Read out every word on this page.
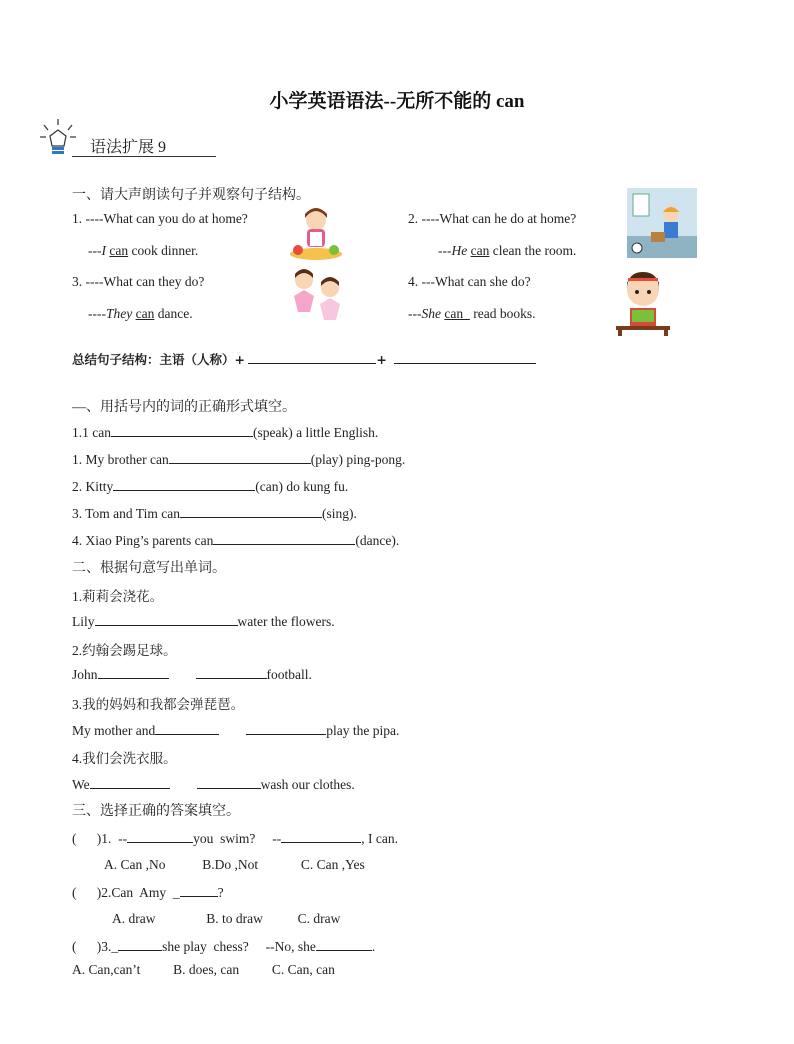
小学英语语法--无所不能的 can
语法扩展 9
一、请大声朗读句子并观察句子结构。
1. ----What can you do at home?
---I can cook dinner.
2. ----What can he do at home?
---He can clean the room.
3. ----What can they do?
----They can dance.
4. ---What can she do?
---She can   read books.
总结句子结构：主语（人称）+	+
—、用括号内的词的正确形式填空。
1.1 can	(speak) a little English.
1. My brother can	(play) ping-pong.
2. Kitty	(can) do kung fu.
3. Tom and Tim can	(sing).
4. Xiao Ping’s parents can	(dance).
二、根据句意写出单词。
1.莉莉会浇花。
Lily	water the flowers.
2.约翰会踢足球。
John	football.
3.我的妈妈和我都会弹琵琶。
My mother and	play the pipa.
4.我们会洗衣服。
We	wash our clothes.
三、选择正确的答案填空。
(      )1.  --	you  swim?     --	, I can.
A. Can ,No	B.Do ,Not	C. Can ,Yes
(      )2.Can  Amy  _	?
A. draw	B. to draw	C. draw
(      )3._	she play  chess?     --No, she	.
A. Can,can’t B. does, can C. Can, can
